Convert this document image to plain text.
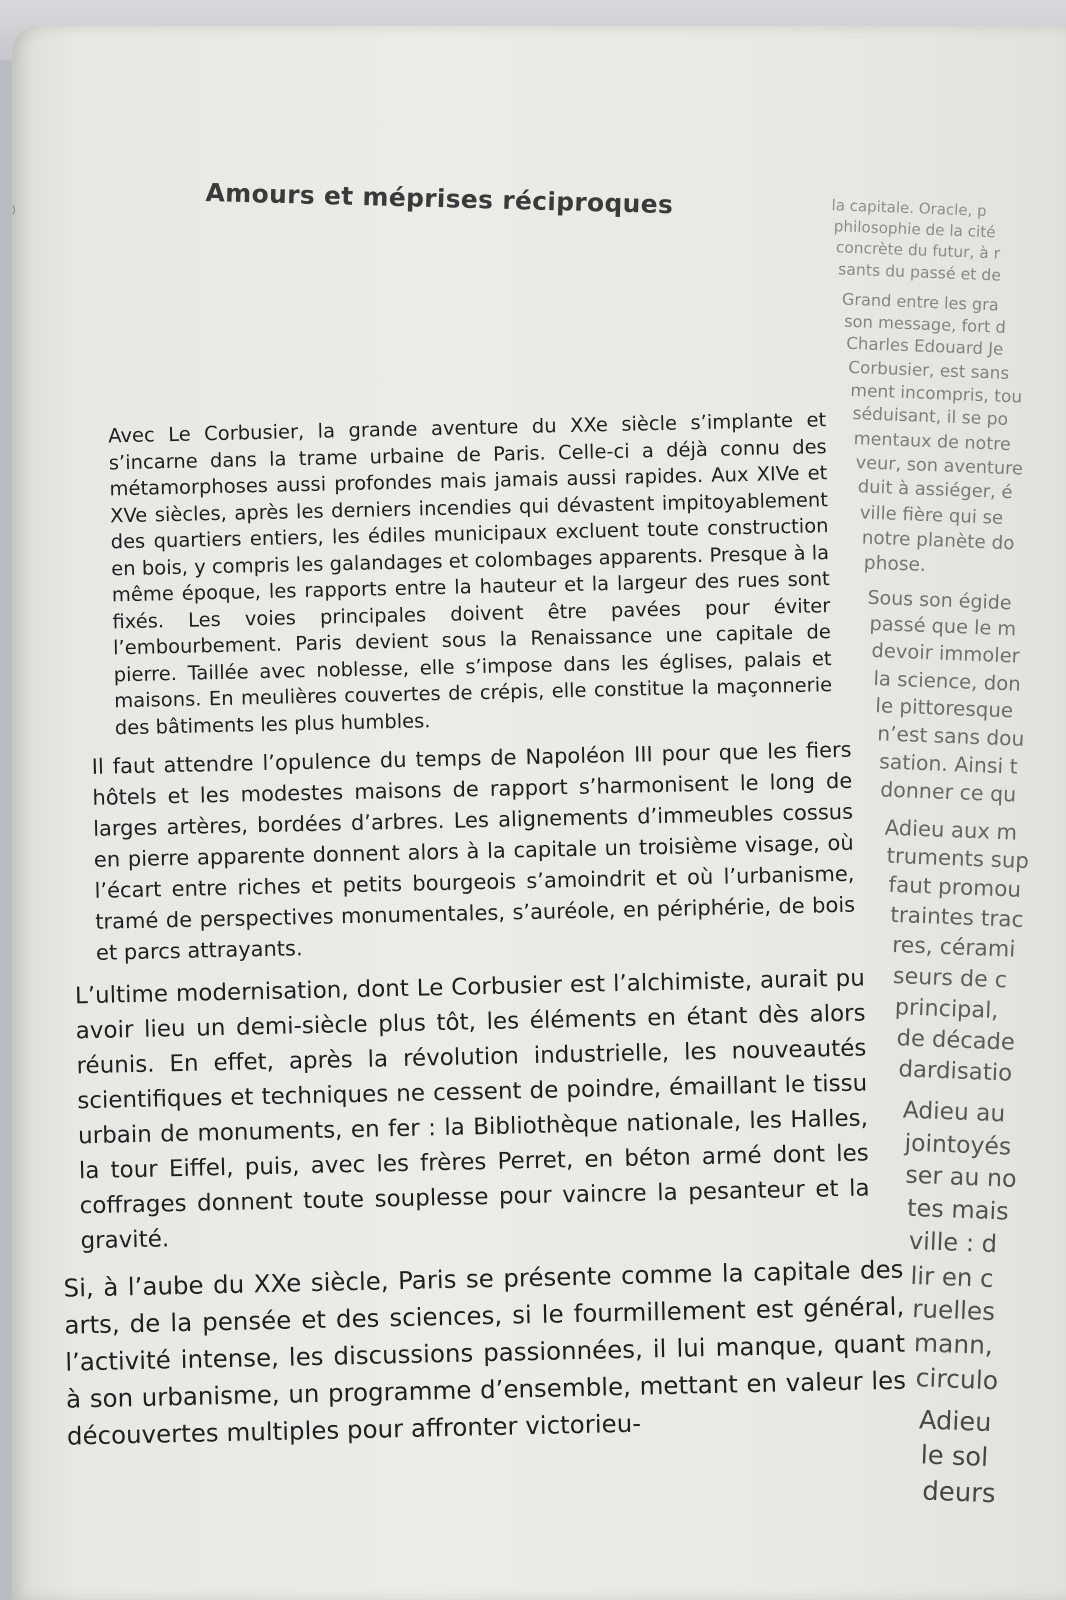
⟩	Amours et méprises réciproques

Avec Le Corbusier, la grande aventure du XXe siècle s’implante et s’incarne dans la trame urbaine de Paris. Celle-ci a déjà connu des métamorphoses aussi profondes mais jamais aussi rapides. Aux XIVe et XVe siècles, après les derniers incendies qui dévastent impitoyablement des quartiers entiers, les édiles municipaux excluent toute construction en bois, y compris les galandages et colombages apparents. Presque à la même époque, les rapports entre la hauteur et la largeur des rues sont fixés. Les voies principales doivent être pavées pour éviter l’embourbement. Paris devient sous la Renaissance une capitale de pierre. Taillée avec noblesse, elle s’impose dans les églises, palais et maisons. En meulières couvertes de crépis, elle constitue la maçonnerie des bâtiments les plus humbles.

Il faut attendre l’opulence du temps de Napoléon III pour que les fiers hôtels et les modestes maisons de rapport s’harmonisent le long de larges artères, bordées d’arbres. Les alignements d’immeubles cossus en pierre apparente donnent alors à la capitale un troisième visage, où l’écart entre riches et petits bourgeois s’amoindrit et où l’urbanisme, tramé de perspectives monumentales, s’auréole, en périphérie, de bois et parcs attrayants.

L’ultime modernisation, dont Le Corbusier est l’alchimiste, aurait pu avoir lieu un demi-siècle plus tôt, les éléments en étant dès alors réunis. En effet, après la révolution industrielle, les nouveautés scientifiques et techniques ne cessent de poindre, émaillant le tissu urbain de monuments, en fer : la Bibliothèque nationale, les Halles, la tour Eiffel, puis, avec les frères Perret, en béton armé dont les coffrages donnent toute souplesse pour vaincre la pesanteur et la gravité.

Si, à l’aube du XXe siècle, Paris se présente comme la capitale des arts, de la pensée et des sciences, si le fourmillement est général, l’activité intense, les discussions passionnées, il lui manque, quant à son urbanisme, un programme d’ensemble, mettant en valeur les découvertes multiples pour affronter victorieu-

la capitale. Oracle, p
philosophie de la cité
concrète du futur, à r
sants du passé et de
Grand entre les gra
son message, fort d
Charles Edouard Je
Corbusier, est sans
ment incompris, tou
séduisant, il se po
mentaux de notre
veur, son aventure
duit à assiéger, é
ville fière qui se
notre planète do
phose.
Sous son égide
passé que le m
devoir immoler
la science, don
le pittoresque
n’est sans dou
sation. Ainsi t
donner ce qu
Adieu aux m
truments sup
faut promou
traintes trac
res, cérami
seurs de c
principal,
de décade
dardisatio
Adieu au
jointoyés
ser au no
tes mais
ville : d
lir en c
ruelles
mann,
circulo
Adieu
le sol
deurs
